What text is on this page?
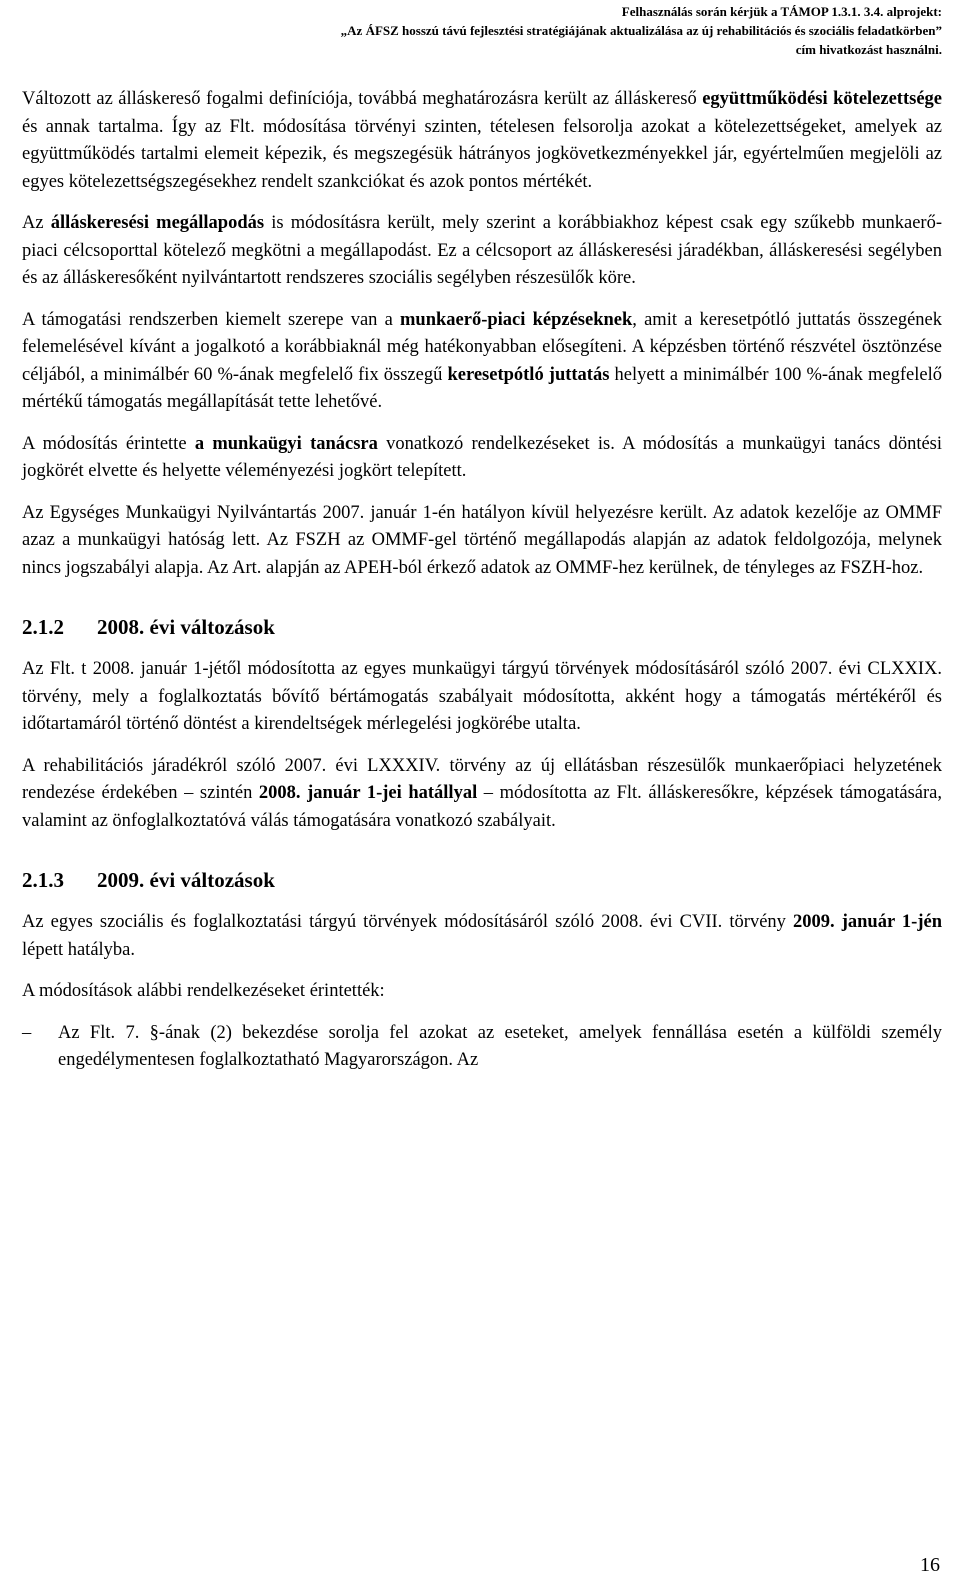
Felhasználás során kérjük a TÁMOP 1.3.1. 3.4. alprojekt:
„Az ÁFSZ hosszú távú fejlesztési stratégiájának aktualizálása az új rehabilitációs és szociális feladatkörben”
cím hivatkozást használni.

Változott az álláskereső fogalmi definíciója, továbbá meghatározásra került az álláskereső együttműködési kötelezettsége és annak tartalma. Így az Flt. módosítása törvényi szinten, tételesen felsorolja azokat a kötelezettségeket, amelyek az együttműködés tartalmi elemeit képezik, és megszegésük hátrányos jogkövetkezményekkel jár, egyértelműen megjelöli az egyes kötelezettségszegésekhez rendelt szankciókat és azok pontos mértékét.

Az álláskeresési megállapodás is módosításra került, mely szerint a korábbiakhoz képest csak egy szűkebb munkaerő-piaci célcsoporttal kötelező megkötni a megállapodást. Ez a célcsoport az álláskeresési járadékban, álláskeresési segélyben és az álláskeresőként nyilvántartott rendszeres szociális segélyben részesülők köre.

A támogatási rendszerben kiemelt szerepe van a munkaerő-piaci képzéseknek, amit a keresetpótló juttatás összegének felemelésével kívánt a jogalkotó a korábbiaknál még hatékonyabban elősegíteni. A képzésben történő részvétel ösztönzése céljából, a minimálbér 60 %-ának megfelelő fix összegű keresetpótló juttatás helyett a minimálbér 100 %-ának megfelelő mértékű támogatás megállapítását tette lehetővé.

A módosítás érintette a munkaügyi tanácsra vonatkozó rendelkezéseket is. A módosítás a munkaügyi tanács döntési jogkörét elvette és helyette véleményezési jogkört telepített.

Az Egységes Munkaügyi Nyilvántartás 2007. január 1-én hatályon kívül helyezésre került. Az adatok kezelője az OMMF azaz a munkaügyi hatóság lett. Az FSZH az OMMF-gel történő megállapodás alapján az adatok feldolgozója, melynek nincs jogszabályi alapja. Az Art. alapján az APEH-ból érkező adatok az OMMF-hez kerülnek, de tényleges az FSZH-hoz.

2.1.2 2008. évi változások

Az Flt. t 2008. január 1-jétől módosította az egyes munkaügyi tárgyú törvények módosításáról szóló 2007. évi CLXXIX. törvény, mely a foglalkoztatás bővítő bértámogatás szabályait módosította, akként hogy a támogatás mértékéről és időtartamáról történő döntést a kirendeltségek mérlegelési jogkörébe utalta.

A rehabilitációs járadékról szóló 2007. évi LXXXIV. törvény az új ellátásban részesülők munkaerőpiaci helyzetének rendezése érdekében – szintén 2008. január 1-jei hatállyal – módosította az Flt. álláskeresőkre, képzések támogatására, valamint az önfoglalkoztatóvá válás támogatására vonatkozó szabályait.

2.1.3 2009. évi változások

Az egyes szociális és foglalkoztatási tárgyú törvények módosításáról szóló 2008. évi CVII. törvény 2009. január 1-jén lépett hatályba.

A módosítások alábbi rendelkezéseket érintették:

– Az Flt. 7. §-ának (2) bekezdése sorolja fel azokat az eseteket, amelyek fennállása esetén a külföldi személy engedélymentesen foglalkoztatható Magyarországon. Az

16
